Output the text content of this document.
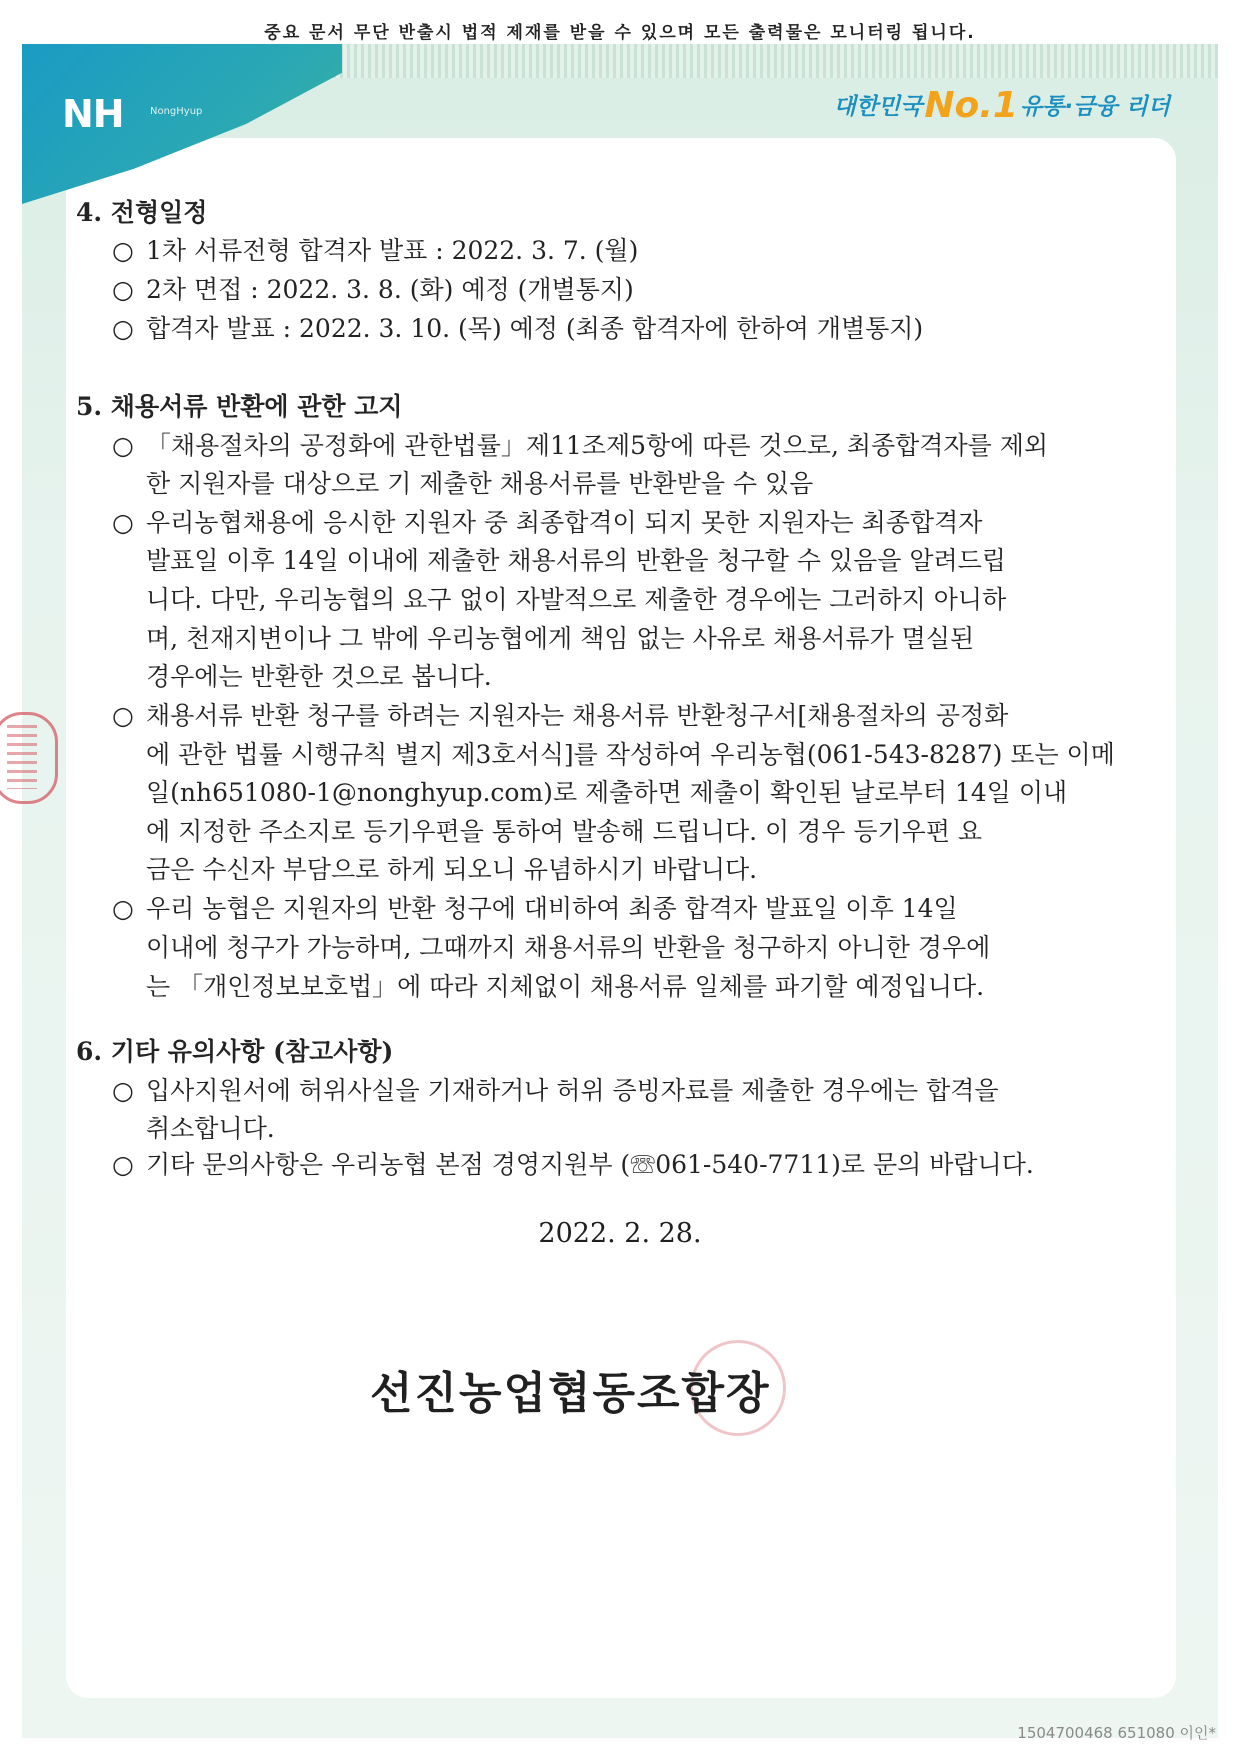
중요 문서 무단 반출시 법적 제재를 받을 수 있으며 모든 출력물은 모니터링 됩니다.
NH	NongHyup	대한민국 No.1 유통·금융 리더
4. 전형일정
○ 1차 서류전형 합격자 발표 : 2022. 3. 7. (월)
○ 2차 면접 : 2022. 3. 8. (화) 예정 (개별통지)
○ 합격자 발표 : 2022. 3. 10. (목) 예정 (최종 합격자에 한하여 개별통지)
5. 채용서류 반환에 관한 고지
○ 「채용절차의 공정화에 관한법률」제11조제5항에 따른 것으로, 최종합격자를 제외
한 지원자를 대상으로 기 제출한 채용서류를 반환받을 수 있음
○ 우리농협채용에 응시한 지원자 중 최종합격이 되지 못한 지원자는 최종합격자
발표일 이후 14일 이내에 제출한 채용서류의 반환을 청구할 수 있음을 알려드립
니다. 다만, 우리농협의 요구 없이 자발적으로 제출한 경우에는 그러하지 아니하
며, 천재지변이나 그 밖에 우리농협에게 책임 없는 사유로 채용서류가 멸실된
경우에는 반환한 것으로 봅니다.
○ 채용서류 반환 청구를 하려는 지원자는 채용서류 반환청구서[채용절차의 공정화
에 관한 법률 시행규칙 별지 제3호서식]를 작성하여 우리농협(061-543-8287) 또는 이메
일(nh651080-1@nonghyup.com)로 제출하면 제출이 확인된 날로부터 14일 이내
에 지정한 주소지로 등기우편을 통하여 발송해 드립니다. 이 경우 등기우편 요
금은 수신자 부담으로 하게 되오니 유념하시기 바랍니다.
○ 우리 농협은 지원자의 반환 청구에 대비하여 최종 합격자 발표일 이후 14일
이내에 청구가 가능하며, 그때까지 채용서류의 반환을 청구하지 아니한 경우에
는 「개인정보보호법」에 따라 지체없이 채용서류 일체를 파기할 예정입니다.
6. 기타 유의사항 (참고사항)
○ 입사지원서에 허위사실을 기재하거나 허위 증빙자료를 제출한 경우에는 합격을
취소합니다.
○ 기타 문의사항은 우리농협 본점 경영지원부 (☏061-540-7711)로 문의 바랍니다.
2022. 2. 28.
선진농업협동조합장
1504700468 651080 이인*
